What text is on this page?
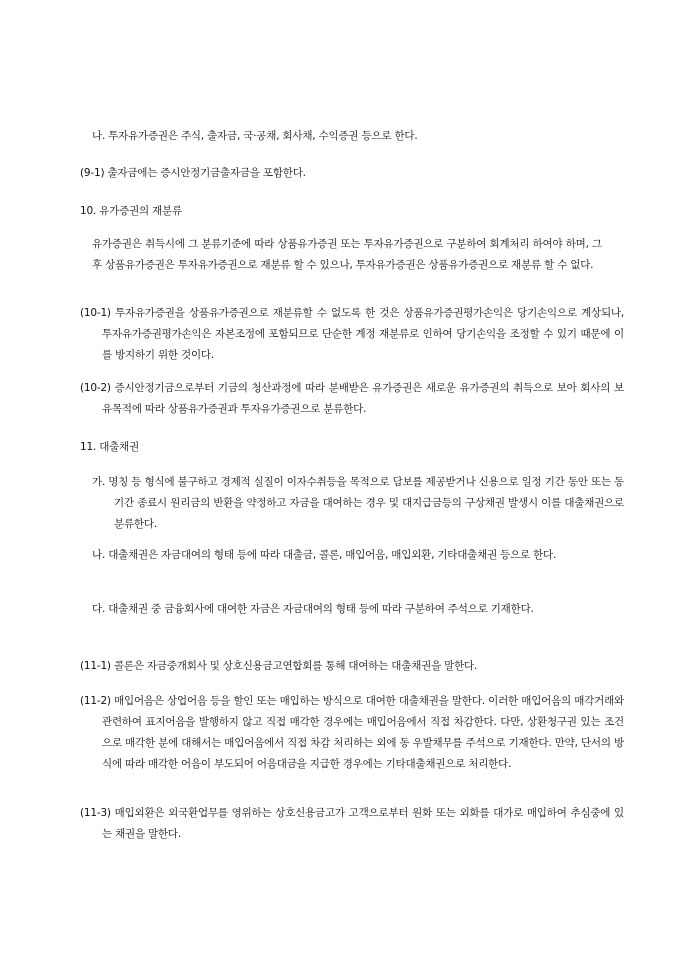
나. 투자유가증권은 주식, 출자금, 국·공채, 회사채, 수익증권 등으로 한다.

(9-1) 출자금에는 증시안정기금출자금을 포함한다.

10. 유가증권의 재분류

유가증권은 취득시에 그 분류기준에 따라 상품유가증권 또는 투자유가증권으로 구분하여 회계처리 하여야 하며, 그 후 상품유가증권은 투자유가증권으로 재분류 할 수 있으나, 투자유가증권은 상품유가증권으로 재분류 할 수 없다.

(10-1) 투자유가증권을 상품유가증권으로 재분류할 수 없도록 한 것은 상품유가증권평가손익은 당기손익으로 계상되나, 투자유가증권평가손익은 자본조정에 포함되므로 단순한 계정 재분류로 인하여 당기손익을 조정할 수 있기 때문에 이를 방지하기 위한 것이다.

(10-2) 증시안정기금으로부터 기금의 청산과정에 따라 분배받은 유가증권은 새로운 유가증권의 취득으로 보아 회사의 보유목적에 따라 상품유가증권과 투자유가증권으로 분류한다.

11. 대출채권

가. 명칭 등 형식에 불구하고 경제적 실질이 이자수취등을 목적으로 담보를 제공받거나 신용으로 일정 기간 동안 또는 동 기간 종료시 원리금의 반환을 약정하고 자금을 대여하는 경우 및 대지급금등의 구상채권 발생시 이를 대출채권으로 분류한다.

나. 대출채권은 자금대여의 형태 등에 따라 대출금, 콜론, 매입어음, 매입외환, 기타대출채권 등으로 한다.

다. 대출채권 중 금융회사에 대여한 자금은 자금대여의 형태 등에 따라 구분하여 주석으로 기재한다.

(11-1) 콜론은 자금중개회사 및 상호신용금고연합회를 통해 대여하는 대출채권을 말한다.

(11-2) 매입어음은 상업어음 등을 할인 또는 매입하는 방식으로 대여한 대출채권을 말한다. 이러한 매입어음의 매각거래와 관련하여 표지어음을 발행하지 않고 직접 매각한 경우에는 매입어음에서 직접 차감한다. 다만, 상환청구권 있는 조건으로 매각한 분에 대해서는 매입어음에서 직접 차감 처리하는 외에 동 우발채무를 주석으로 기재한다. 만약, 단서의 방식에 따라 매각한 어음이 부도되어 어음대금을 지급한 경우에는 기타대출채권으로 처리한다.

(11-3) 매입외환은 외국환업무를 영위하는 상호신용금고가 고객으로부터 원화 또는 외화를 대가로 매입하여 추심중에 있는 채권을 말한다.
